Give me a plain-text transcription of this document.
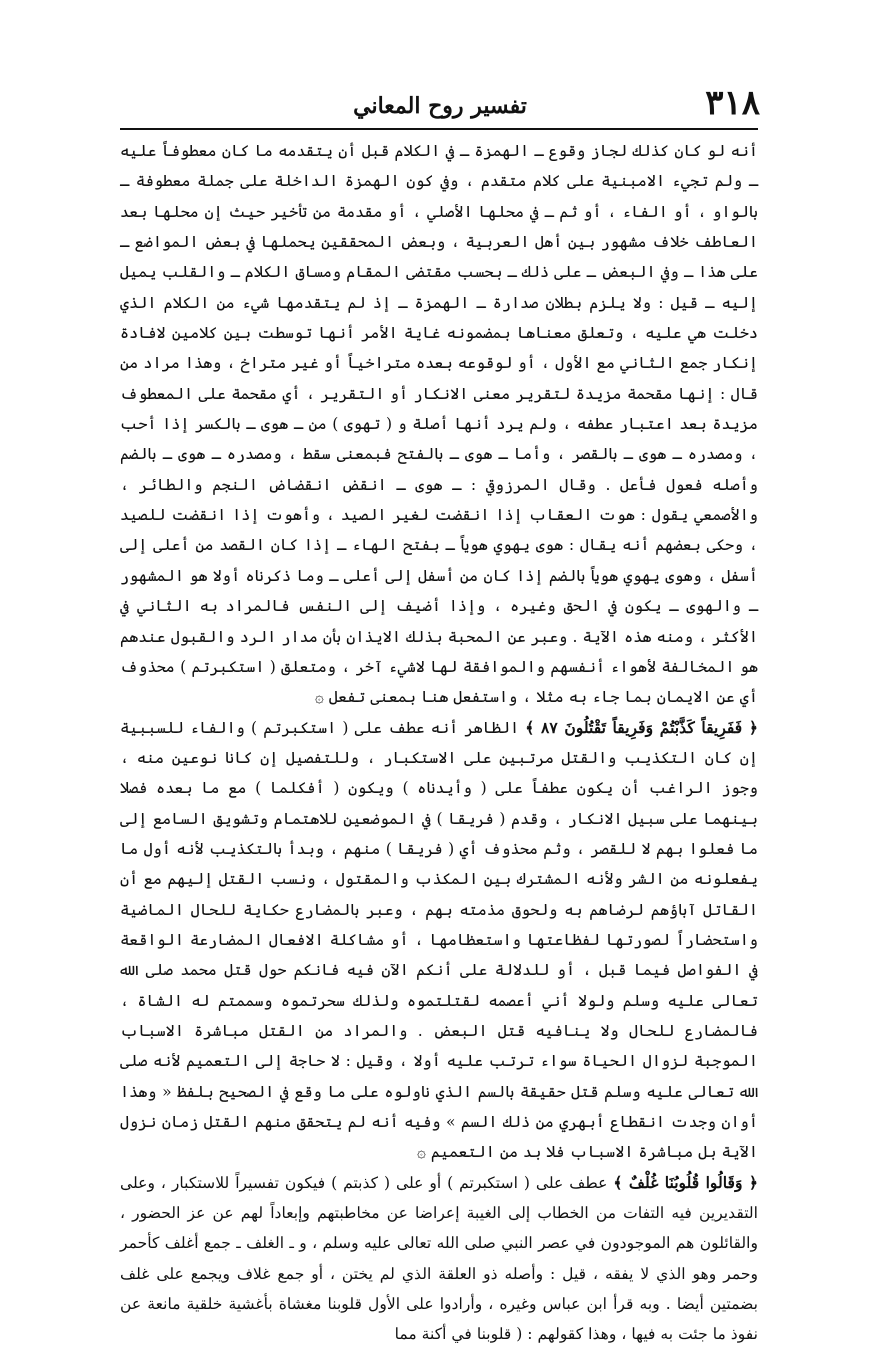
٣١٨
تفسير روح المعاني

أنه لو كان كذلك لجاز وقوع ـ الهمزة ـ في الكلام قبل أن يتقدمه ما كان معطوفاً عليه ـ ولم تجيء الامبنية على كلام متقدم ، وفي كون الهمزة الداخلة على جملة معطوفة ـ بالواو ، أو الفاء ، أو ثم ـ في محلها الأصلي ، أو مقدمة من تأخير حيث إن محلها بعد العاطف خلاف مشهور بين أهل العربية ، وبعض المحققين يحملها في بعض المواضع ـ على هذا ـ وفي البعض ـ على ذلك ـ بحسب مقتضى المقام ومساق الكلام ـ والقلب يميل إليه ـ قيل : ولا يلزم بطلان صدارة ـ الهمزة ـ إذ لم يتقدمها شيء من الكلام الذي دخلت هي عليه ، وتعلق معناها بمضمونه غاية الأمر أنها توسطت بين كلامين لافادة إنكار جمع الثاني مع الأول ، أو لوقوعه بعده متراخياً أو غير متراخ ، وهذا مراد من قال : إنها مقحمة مزيدة لتقرير معنى الانكار أو التقرير ، أي مقحمة على المعطوف مزيدة بعد اعتبار عطفه ، ولم يرد أنها أصلة و ( تهوى ) من ـ هوى ـ بالكسر إذا أحب ، ومصدره ـ هوى ـ بالقصر ، وأما ـ هوى ـ بالفتح فبمعنى سقط ، ومصدره ـ هوى ـ بالضم وأصله فعول فأعل . وقال المرزوقي : ـ هوى ـ انقض انقضاض النجم والطائر ، والأصمعي يقول : هوت العقاب إذا انقضت لغير الصيد ، وأهوت إذا انقضت للصيد ، وحكى بعضهم أنه يقال : هوى يهوي هوياً ـ بفتح الهاء ـ إذا كان القصد من أعلى إلى أسفل ، وهوى يهوي هوياً بالضم إذا كان من أسفل إلى أعلى ـ وما ذكرناه أولا هو المشهور ـ والهوى ـ يكون في الحق وغيره ، وإذا أضيف إلى النفس فالمراد به الثاني في الأكثر ، ومنه هذه الآية . وعبر عن المحبة بذلك الايذان بأن مدار الرد والقبول عندهم هو المخالفة لأهواء أنفسهم والموافقة لها لاشيء آخر ، ومتعلق ( استكبرتم ) محذوف أي عن الايمان بما جاء به مثلا ، واستفعل هنا بمعنى تفعل ۞

﴿ فَفَرِيقاً كَذَّبْتُمْ وَفَرِيقاً تَقْتُلُونَ ٨٧ ﴾ الظاهر أنه عطف على ( استكبرتم ) والفاء للسببية إن كان التكذيب والقتل مرتبين على الاستكبار ، وللتفصيل إن كانا نوعين منه ، وجوز الراغب أن يكون عطفاً على ( وأيدناه ) ويكون ( أفكلما ) مع ما بعده فصلا بينهما على سبيل الانكار ، وقدم ( فريقا ) في الموضعين للاهتمام وتشويق السامع إلى ما فعلوا بهم لا للقصر ، وثم محذوف أي ( فريقا ) منهم ، وبدأ بالتكذيب لأنه أول ما يفعلونه من الشر ولأنه المشترك بين المكذب والمقتول ، ونسب القتل إليهم مع أن القاتل آباؤهم لرضاهم به ولحوق مذمته بهم ، وعبر بالمضارع حكاية للحال الماضية واستحضاراً لصورتها لفظاعتها واستعظامها ، أو مشاكلة الافعال المضارعة الواقعة في الفواصل فيما قبل ، أو للدلالة على أنكم الآن فيه فانكم حول قتل محمد صلى الله تعالى عليه وسلم ولولا أني أعصمه لقتلتموه ولذلك سحرتموه وسممتم له الشاة ، فالمضارع للحال ولا ينافيه قتل البعض . والمراد من القتل مباشرة الاسباب الموجبة لزوال الحياة سواء ترتب عليه أولا ، وقيل : لا حاجة إلى التعميم لأنه صلى الله تعالى عليه وسلم قتل حقيقة بالسم الذي ناولوه على ما وقع في الصحيح بلفظ « وهذا أوان وجدت انقطاع أبهري من ذلك السم » وفيه أنه لم يتحقق منهم القتل زمان نزول الآية بل مباشرة الاسباب فلا بد من التعميم ۞

﴿ وَقَالُوا قُلُوبُنَا غُلْفٌ ﴾ عطف على ( استكبرتم ) أو على ( كذبتم ) فيكون تفسيراً للاستكبار ، وعلى التقديرين فيه التفات من الخطاب إلى الغيبة إعراضا عن مخاطبتهم وإبعاداً لهم عن عز الحضور ، والقائلون هم الموجودون في عصر النبي صلى الله تعالى عليه وسلم ، و ـ الغلف ـ جمع أغلف كأحمر وحمر وهو الذي لا يفقه ، قيل : وأصله ذو العلقة الذي لم يختن ، أو جمع غلاف ويجمع على غلف بضمتين أيضا . وبه قرأ ابن عباس وغيره ، وأرادوا على الأول قلوبنا مغشاة بأغشية خلقية مانعة عن نفوذ ما جئت به فيها ، وهذا كقولهم : ( قلوبنا في أكنة مما
